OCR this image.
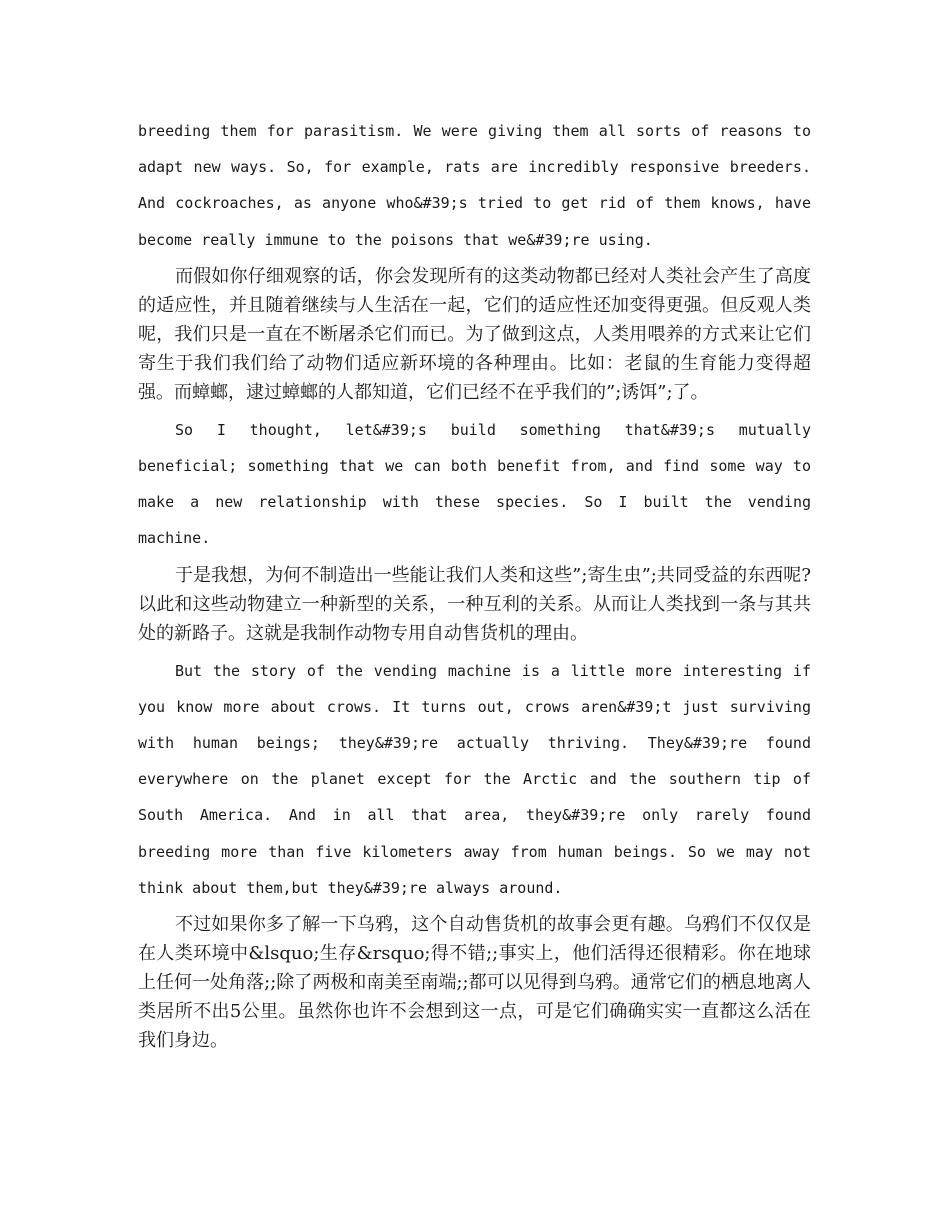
breeding them for parasitism. We were giving them all sorts of reasons to adapt new ways. So, for example, rats are incredibly responsive breeders. And cockroaches, as anyone who&#39;s tried to get rid of them knows, have become really immune to the poisons that we&#39;re using.

而假如你仔细观察的话，你会发现所有的这类动物都已经对人类社会产生了高度的适应性，并且随着继续与人生活在一起，它们的适应性还加变得更强。但反观人类呢，我们只是一直在不断屠杀它们而已。为了做到这点，人类用喂养的方式来让它们寄生于我们我们给了动物们适应新环境的各种理由。比如：老鼠的生育能力变得超强。而蟑螂，逮过蟑螂的人都知道，它们已经不在乎我们的”;诱饵”;了。

So I thought, let&#39;s build something that&#39;s mutually beneficial; something that we can both benefit from, and find some way to make a new relationship with these species. So I built the vending machine.

于是我想，为何不制造出一些能让我们人类和这些”;寄生虫”;共同受益的东西呢?以此和这些动物建立一种新型的关系，一种互利的关系。从而让人类找到一条与其共处的新路子。这就是我制作动物专用自动售货机的理由。

But the story of the vending machine is a little more interesting if you know more about crows. It turns out, crows aren&#39;t just surviving with human beings; they&#39;re actually thriving. They&#39;re found everywhere on the planet except for the Arctic and the southern tip of South America. And in all that area, they&#39;re only rarely found breeding more than five kilometers away from human beings. So we may not think about them,but they&#39;re always around.

不过如果你多了解一下乌鸦，这个自动售货机的故事会更有趣。乌鸦们不仅仅是在人类环境中&lsquo;生存&rsquo;得不错;;事实上，他们活得还很精彩。你在地球上任何一处角落;;除了两极和南美至南端;;都可以见得到乌鸦。通常它们的栖息地离人类居所不出5公里。虽然你也许不会想到这一点，可是它们确确实实一直都这么活在我们身边。
